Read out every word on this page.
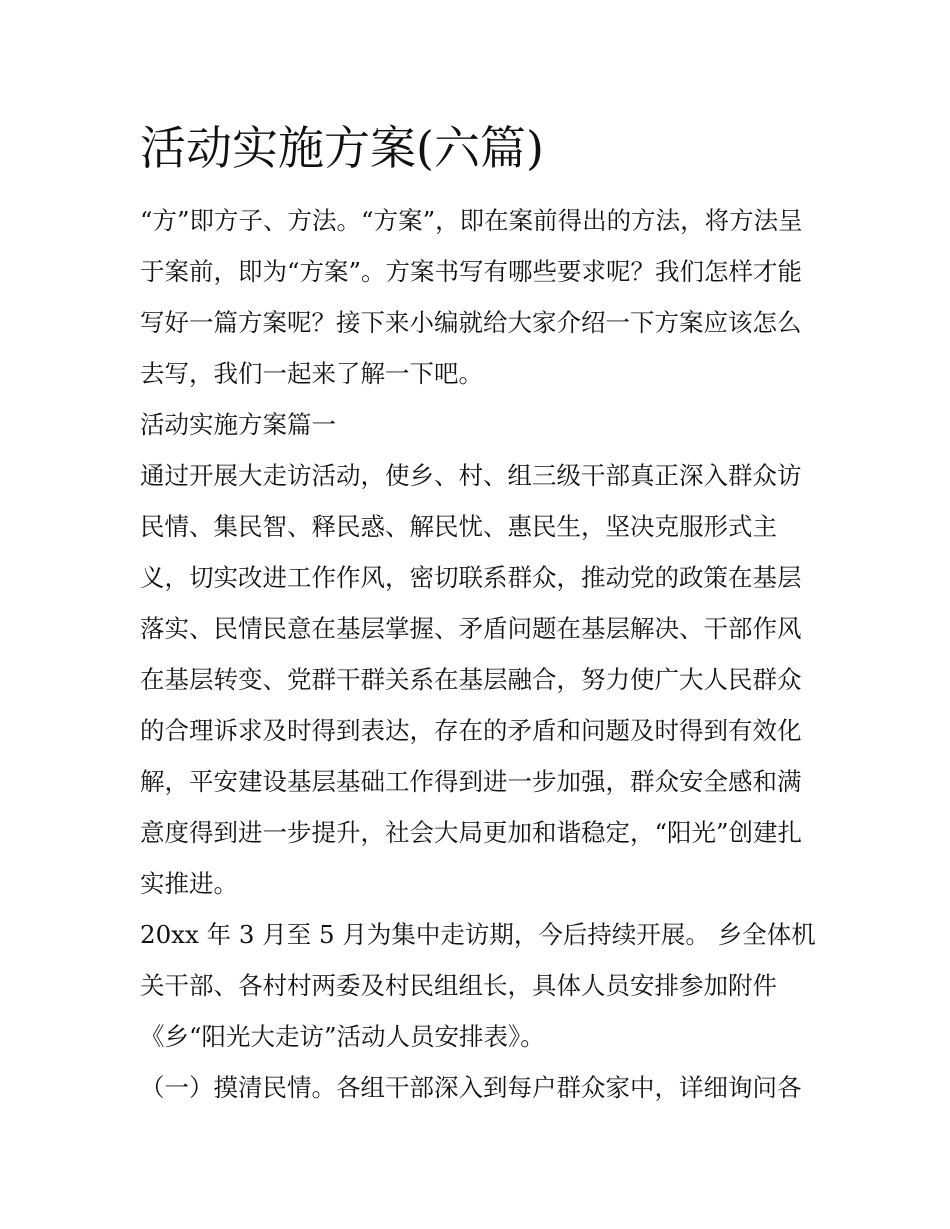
活动实施方案(六篇)

“方”即方子、方法。“方案”，即在案前得出的方法，将方法呈

于案前，即为“方案”。方案书写有哪些要求呢？我们怎样才能

写好一篇方案呢？接下来小编就给大家介绍一下方案应该怎么

去写，我们一起来了解一下吧。

活动实施方案篇一

通过开展大走访活动，使乡、村、组三级干部真正深入群众访

民情、集民智、释民惑、解民忧、惠民生，坚决克服形式主

义，切实改进工作作风，密切联系群众，推动党的政策在基层

落实、民情民意在基层掌握、矛盾问题在基层解决、干部作风

在基层转变、党群干群关系在基层融合，努力使广大人民群众

的合理诉求及时得到表达，存在的矛盾和问题及时得到有效化

解，平安建设基层基础工作得到进一步加强，群众安全感和满

意度得到进一步提升，社会大局更加和谐稳定，“阳光”创建扎

实推进。

20xx 年 3 月至 5 月为集中走访期，今后持续开展。 乡全体机

关干部、各村村两委及村民组组长，具体人员安排参加附件

《乡“阳光大走访”活动人员安排表》。

（一）摸清民情。各组干部深入到每户群众家中，详细询问各
